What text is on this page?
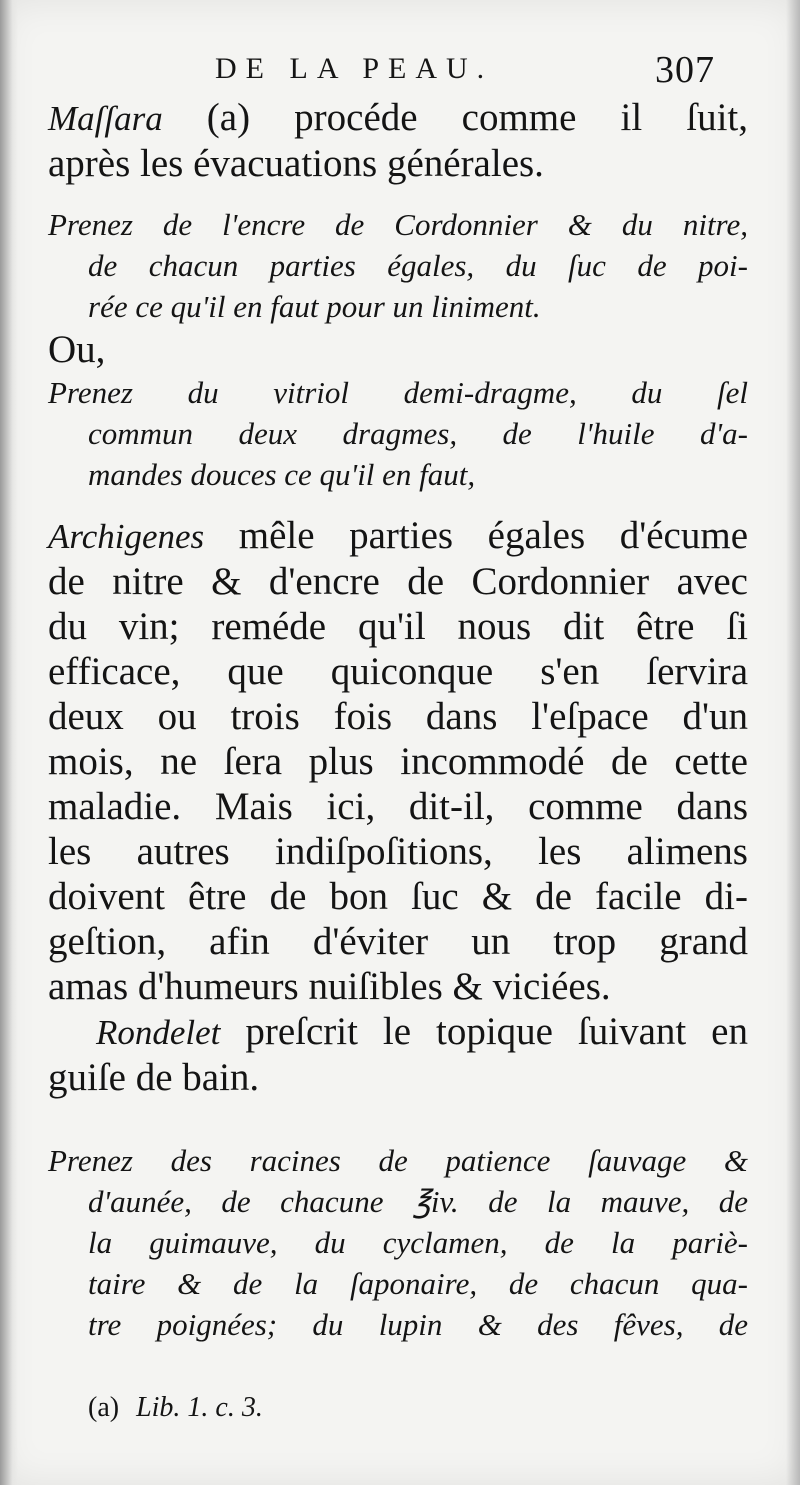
DE LA PEAU.	307
Maſſara (a) procéde comme il ſuit,
après les évacuations générales.
Prenez de l'encre de Cordonnier & du nitre,
de chacun parties égales, du ſuc de poi-
rée ce qu'il en faut pour un liniment.
Ou,
Prenez du vitriol demi-dragme, du ſel
commun deux dragmes, de l'huile d'a-
mandes douces ce qu'il en faut,
Archigenes mêle parties égales d'écume
de nitre & d'encre de Cordonnier avec
du vin; reméde qu'il nous dit être ſi
efficace, que quiconque s'en ſervira
deux ou trois fois dans l'eſpace d'un
mois, ne ſera plus incommodé de cette
maladie. Mais ici, dit-il, comme dans
les autres indiſpoſitions, les alimens
doivent être de bon ſuc & de facile di-
geſtion, afin d'éviter un trop grand
amas d'humeurs nuiſibles & viciées.
Rondelet preſcrit le topique ſuivant en
guiſe de bain.
Prenez des racines de patience ſauvage &
d'aunée, de chacune ℥iv. de la mauve, de
la guimauve, du cyclamen, de la pariè-
taire & de la ſaponaire, de chacun qua-
tre poignées; du lupin & des fêves, de
(a) Lib. 1. c. 3.
